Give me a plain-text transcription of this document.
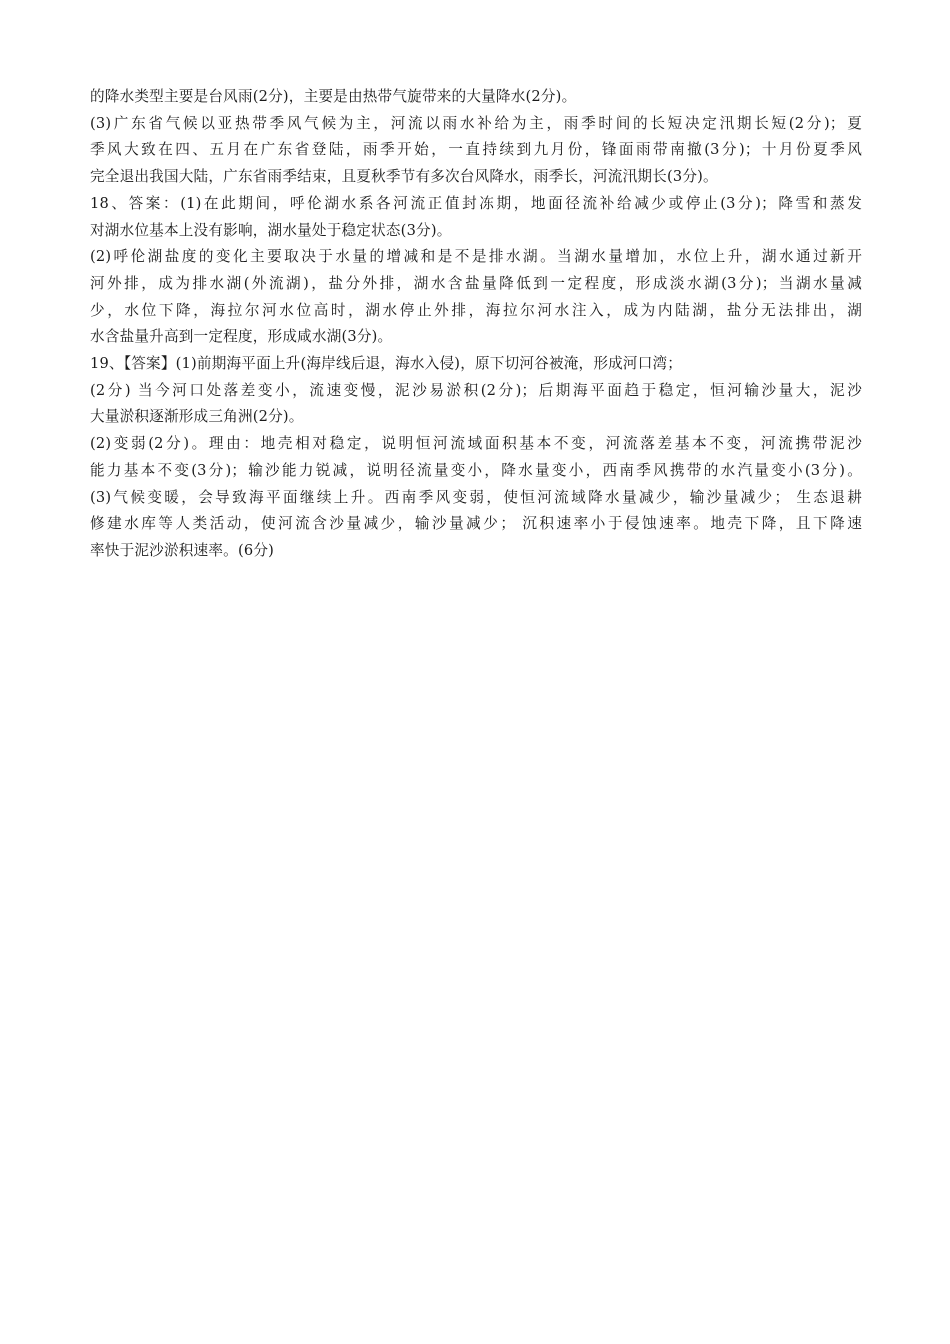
的降水类型主要是台风雨(2分)，主要是由热带气旋带来的大量降水(2分)。
(3)广东省气候以亚热带季风气候为主，河流以雨水补给为主，雨季时间的长短决定汛期长短(2分)；夏
季风大致在四、五月在广东省登陆，雨季开始，一直持续到九月份，锋面雨带南撤(3分)；十月份夏季风
完全退出我国大陆，广东省雨季结束，且夏秋季节有多次台风降水，雨季长，河流汛期长(3分)。
18、答案：(1)在此期间，呼伦湖水系各河流正值封冻期，地面径流补给减少或停止(3分)；降雪和蒸发
对湖水位基本上没有影响，湖水量处于稳定状态(3分)。
(2)呼伦湖盐度的变化主要取决于水量的增减和是不是排水湖。当湖水量增加，水位上升，湖水通过新开
河外排，成为排水湖(外流湖)，盐分外排，湖水含盐量降低到一定程度，形成淡水湖(3分)；当湖水量减
少，水位下降，海拉尔河水位高时，湖水停止外排，海拉尔河水注入，成为内陆湖，盐分无法排出，湖
水含盐量升高到一定程度，形成咸水湖(3分)。
19、【答案】(1)前期海平面上升(海岸线后退，海水入侵)，原下切河谷被淹，形成河口湾；
(2分) 当今河口处落差变小，流速变慢，泥沙易淤积(2分)；后期海平面趋于稳定，恒河输沙量大，泥沙
大量淤积逐渐形成三角洲(2分)。
(2)变弱(2分)。理由：地壳相对稳定，说明恒河流域面积基本不变，河流落差基本不变，河流携带泥沙
能力基本不变(3分)；输沙能力锐减，说明径流量变小，降水量变小，西南季风携带的水汽量变小(3分)。
(3)气候变暖，会导致海平面继续上升。西南季风变弱，使恒河流域降水量减少，输沙量减少； 生态退耕
修建水库等人类活动，使河流含沙量减少，输沙量减少； 沉积速率小于侵蚀速率。地壳下降，且下降速
率快于泥沙淤积速率。(6分)
